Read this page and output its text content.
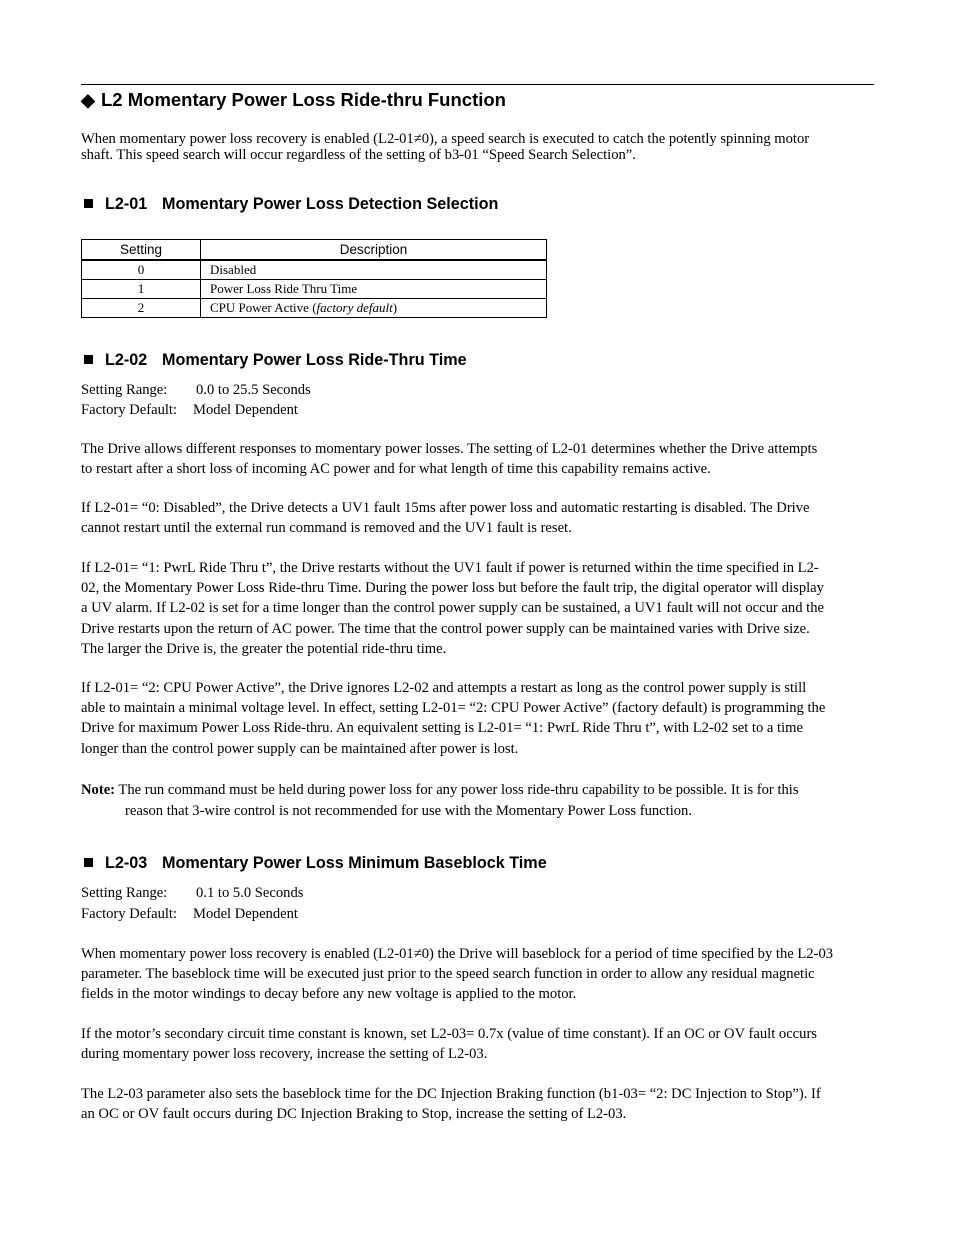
◆ L2 Momentary Power Loss Ride-thru Function

When momentary power loss recovery is enabled (L2-01≠0), a speed search is executed to catch the potently spinning motor
shaft. This speed search will occur regardless of the setting of b3-01 “Speed Search Selection”.

L2-01 Momentary Power Loss Detection Selection
Setting	Description
0	Disabled
1	Power Loss Ride Thru Time
2	CPU Power Active (factory default)
L2-02 Momentary Power Loss Ride-Thru Time
Setting Range: 0.0 to 25.5 Seconds
Factory Default: Model Dependent

The Drive allows different responses to momentary power losses. The setting of L2-01 determines whether the Drive attempts
to restart after a short loss of incoming AC power and for what length of time this capability remains active.

If L2-01= “0: Disabled”, the Drive detects a UV1 fault 15ms after power loss and automatic restarting is disabled. The Drive
cannot restart until the external run command is removed and the UV1 fault is reset.

If L2-01= “1: PwrL Ride Thru t”, the Drive restarts without the UV1 fault if power is returned within the time specified in L2-
02, the Momentary Power Loss Ride-thru Time. During the power loss but before the fault trip, the digital operator will display
a UV alarm. If L2-02 is set for a time longer than the control power supply can be sustained, a UV1 fault will not occur and the
Drive restarts upon the return of AC power. The time that the control power supply can be maintained varies with Drive size.
The larger the Drive is, the greater the potential ride-thru time.

If L2-01= “2: CPU Power Active”, the Drive ignores L2-02 and attempts a restart as long as the control power supply is still
able to maintain a minimal voltage level. In effect, setting L2-01= “2: CPU Power Active” (factory default) is programming the
Drive for maximum Power Loss Ride-thru. An equivalent setting is L2-01= “1: PwrL Ride Thru t”, with L2-02 set to a time
longer than the control power supply can be maintained after power is lost.

Note: The run command must be held during power loss for any power loss ride-thru capability to be possible. It is for this
reason that 3-wire control is not recommended for use with the Momentary Power Loss function.
L2-03 Momentary Power Loss Minimum Baseblock Time
Setting Range: 0.1 to 5.0 Seconds
Factory Default: Model Dependent

When momentary power loss recovery is enabled (L2-01≠0) the Drive will baseblock for a period of time specified by the L2-03
parameter. The baseblock time will be executed just prior to the speed search function in order to allow any residual magnetic
fields in the motor windings to decay before any new voltage is applied to the motor.

If the motor’s secondary circuit time constant is known, set L2-03= 0.7x (value of time constant). If an OC or OV fault occurs
during momentary power loss recovery, increase the setting of L2-03.

The L2-03 parameter also sets the baseblock time for the DC Injection Braking function (b1-03= “2: DC Injection to Stop”). If
an OC or OV fault occurs during DC Injection Braking to Stop, increase the setting of L2-03.
